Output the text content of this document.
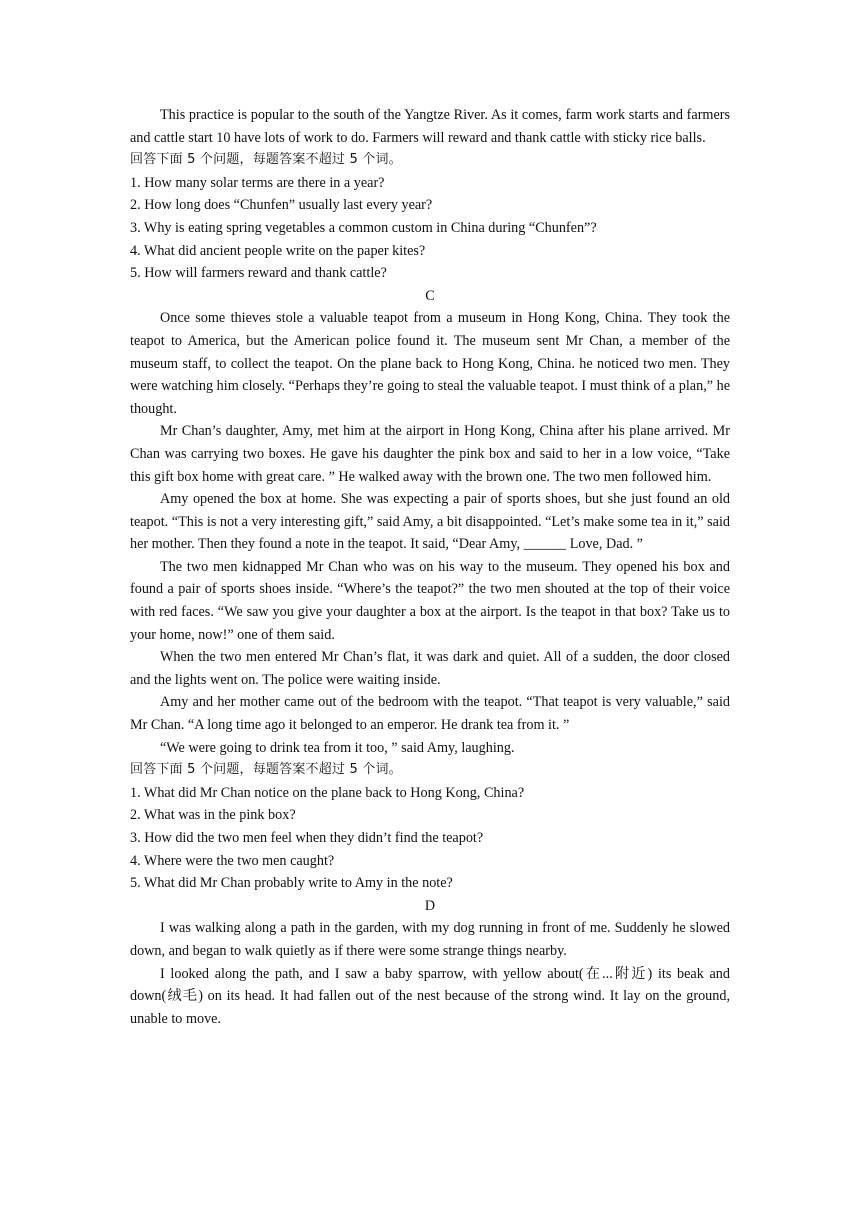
This practice is popular to the south of the Yangtze River. As it comes, farm work starts and farmers and cattle start 10 have lots of work to do. Farmers will reward and thank cattle with sticky rice balls.

回答下面 5 个问题，每题答案不超过 5 个词。

1. How many solar terms are there in a year?

2. How long does “Chunfen” usually last every year?

3. Why is eating spring vegetables a common custom in China during “Chunfen”?

4. What did ancient people write on the paper kites?

5. How will farmers reward and thank cattle?

C

Once some thieves stole a valuable teapot from a museum in Hong Kong, China. They took the teapot to America, but the American police found it. The museum sent Mr Chan, a member of the museum staff, to collect the teapot. On the plane back to Hong Kong, China. he noticed two men. They were watching him closely. “Perhaps they’re going to steal the valuable teapot. I must think of a plan,” he thought.

Mr Chan’s daughter, Amy, met him at the airport in Hong Kong, China after his plane arrived. Mr Chan was carrying two boxes. He gave his daughter the pink box and said to her in a low voice, “Take this gift box home with great care. ” He walked away with the brown one. The two men followed him.

Amy opened the box at home. She was expecting a pair of sports shoes, but she just found an old teapot. “This is not a very interesting gift,” said Amy, a bit disappointed. “Let’s make some tea in it,” said her mother. Then they found a note in the teapot. It said, “Dear Amy, ______ Love, Dad. ”

The two men kidnapped Mr Chan who was on his way to the museum. They opened his box and found a pair of sports shoes inside. “Where’s the teapot?” the two men shouted at the top of their voice with red faces. “We saw you give your daughter a box at the airport. Is the teapot in that box? Take us to your home, now!” one of them said.

When the two men entered Mr Chan’s flat, it was dark and quiet. All of a sudden, the door closed and the lights went on. The police were waiting inside.

Amy and her mother came out of the bedroom with the teapot. “That teapot is very valuable,” said Mr Chan. “A long time ago it belonged to an emperor. He drank tea from it. ”

“We were going to drink tea from it too, ” said Amy, laughing.

回答下面 5 个问题，每题答案不超过 5 个词。

1. What did Mr Chan notice on the plane back to Hong Kong, China?

2. What was in the pink box?

3. How did the two men feel when they didn’t find the teapot?

4. Where were the two men caught?

5. What did Mr Chan probably write to Amy in the note?

D

I was walking along a path in the garden, with my dog running in front of me. Suddenly he slowed down, and began to walk quietly as if there were some strange things nearby.

I looked along the path, and I saw a baby sparrow, with yellow about(在...附近) its beak and down(绒毛) on its head. It had fallen out of the nest because of the strong wind. It lay on the ground, unable to move.
